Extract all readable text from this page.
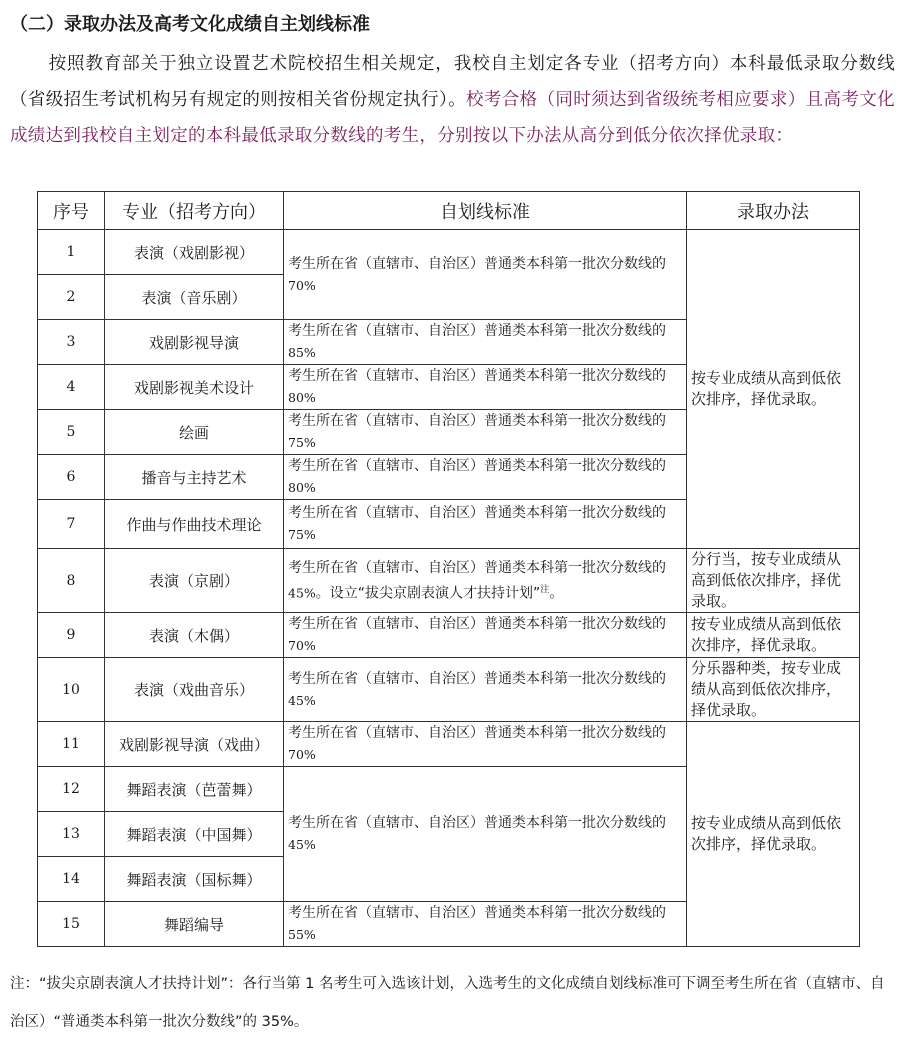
（二）录取办法及高考文化成绩自主划线标准
按照教育部关于独立设置艺术院校招生相关规定，我校自主划定各专业（招考方向）本科最低录取分数线（省级招生考试机构另有规定的则按相关省份规定执行）。校考合格（同时须达到省级统考相应要求）且高考文化成绩达到我校自主划定的本科最低录取分数线的考生，分别按以下办法从高分到低分依次择优录取：
序号	专业（招考方向）	自划线标准	录取办法
1	表演（戏剧影视）	考生所在省（直辖市、自治区）普通类本科第一批次分数线的 70%	按专业成绩从高到低依次排序，择优录取。
2	表演（音乐剧）		
3	戏剧影视导演	考生所在省（直辖市、自治区）普通类本科第一批次分数线的 85%	
4	戏剧影视美术设计	考生所在省（直辖市、自治区）普通类本科第一批次分数线的 80%	
5	绘画	考生所在省（直辖市、自治区）普通类本科第一批次分数线的 75%	
6	播音与主持艺术	考生所在省（直辖市、自治区）普通类本科第一批次分数线的 80%	
7	作曲与作曲技术理论	考生所在省（直辖市、自治区）普通类本科第一批次分数线的 75%	
8	表演（京剧）	考生所在省（直辖市、自治区）普通类本科第一批次分数线的 45%。设立“拔尖京剧表演人才扶持计划”$^注$。	分行当，按专业成绩从高到低依次排序，择优录取。
9	表演（木偶）	考生所在省（直辖市、自治区）普通类本科第一批次分数线的 70%	按专业成绩从高到低依次排序，择优录取。
10	表演（戏曲音乐）	考生所在省（直辖市、自治区）普通类本科第一批次分数线的 45%	分乐器种类，按专业成绩从高到低依次排序，择优录取。
11	戏剧影视导演（戏曲）	考生所在省（直辖市、自治区）普通类本科第一批次分数线的 70%	按专业成绩从高到低依次排序，择优录取。
12	舞蹈表演（芭蕾舞）	考生所在省（直辖市、自治区）普通类本科第一批次分数线的 45%	
13	舞蹈表演（中国舞）		
14	舞蹈表演（国标舞）		
15	舞蹈编导	考生所在省（直辖市、自治区）普通类本科第一批次分数线的 55%	
注：“拔尖京剧表演人才扶持计划”：各行当第 1 名考生可入选该计划，入选考生的文化成绩自划线标准可下调至考生所在省（直辖市、自治区）“普通类本科第一批次分数线”的 35%。
